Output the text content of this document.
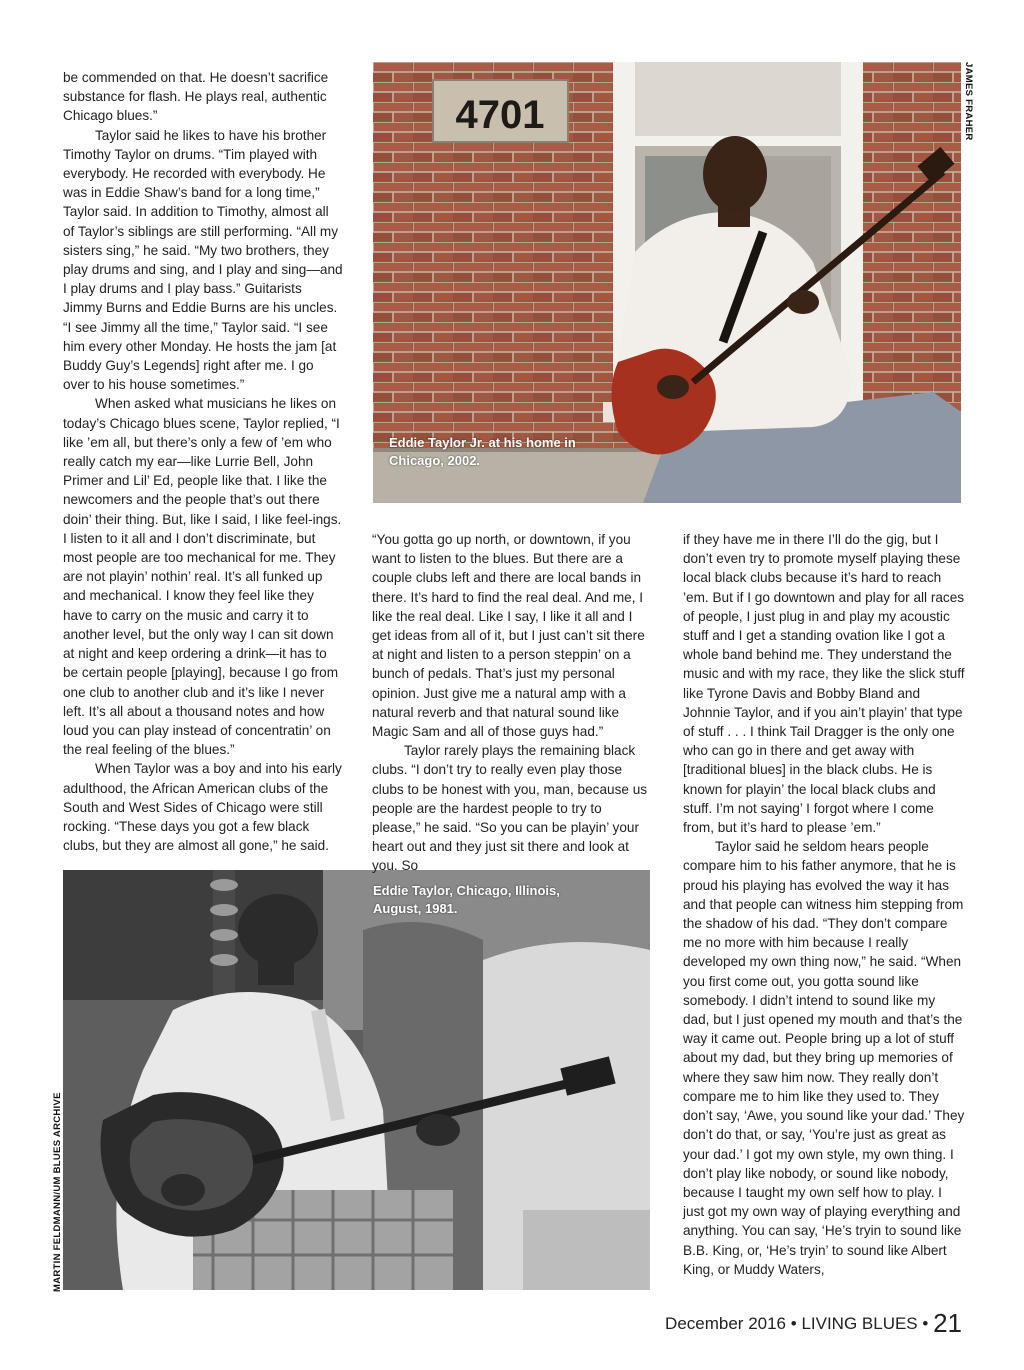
4701
Eddie Taylor Jr. at his home in Chicago, 2002.
JAMES FRAHER
Eddie Taylor, Chicago, Illinois, August, 1981.
MARTIN FELDMANN/UM BLUES ARCHIVE

be commended on that. He doesn’t sacrifice substance for flash. He plays real, authentic Chicago blues.”

Taylor said he likes to have his brother Timothy Taylor on drums. “Tim played with everybody. He recorded with everybody. He was in Eddie Shaw’s band for a long time,” Taylor said. In addition to Timothy, almost all of Taylor’s siblings are still performing. “All my sisters sing,” he said. “My two brothers, they play drums and sing, and I play and sing—and I play drums and I play bass.” Guitarists Jimmy Burns and Eddie Burns are his uncles. “I see Jimmy all the time,” Taylor said. “I see him every other Monday. He hosts the jam [at Buddy Guy’s Legends] right after me. I go over to his house sometimes.”

When asked what musicians he likes on today’s Chicago blues scene, Taylor replied, “I like ’em all, but there’s only a few of ’em who really catch my ear—like Lurrie Bell, John Primer and Lil’ Ed, people like that. I like the newcomers and the people that’s out there doin’ their thing. But, like I said, I like feel-ings. I listen to it all and I don’t discriminate, but most people are too mechanical for me. They are not playin’ nothin’ real. It’s all funked up and mechanical. I know they feel like they have to carry on the music and carry it to another level, but the only way I can sit down at night and keep ordering a drink—it has to be certain people [playing], because I go from one club to another club and it’s like I never left. It’s all about a thousand notes and how loud you can play instead of concentratin’ on the real feeling of the blues.”

When Taylor was a boy and into his early adulthood, the African American clubs of the South and West Sides of Chicago were still rocking. “These days you got a few black clubs, but they are almost all gone,” he said.

“You gotta go up north, or downtown, if you want to listen to the blues. But there are a couple clubs left and there are local bands in there. It’s hard to find the real deal. And me, I like the real deal. Like I say, I like it all and I get ideas from all of it, but I just can’t sit there at night and listen to a person steppin’ on a bunch of pedals. That’s just my personal opinion. Just give me a natural amp with a natural reverb and that natural sound like Magic Sam and all of those guys had.”

Taylor rarely plays the remaining black clubs. “I don’t try to really even play those clubs to be honest with you, man, because us people are the hardest people to try to please,” he said. “So you can be playin’ your heart out and they just sit there and look at you. So

if they have me in there I’ll do the gig, but I don’t even try to promote myself playing these local black clubs because it’s hard to reach ’em. But if I go downtown and play for all races of people, I just plug in and play my acoustic stuff and I get a standing ovation like I got a whole band behind me. They understand the music and with my race, they like the slick stuff like Tyrone Davis and Bobby Bland and Johnnie Taylor, and if you ain’t playin’ that type of stuff . . . I think Tail Dragger is the only one who can go in there and get away with [traditional blues] in the black clubs. He is known for playin’ the local black clubs and stuff. I’m not saying’ I forgot where I come from, but it’s hard to please ’em.”

Taylor said he seldom hears people compare him to his father anymore, that he is proud his playing has evolved the way it has and that people can witness him stepping from the shadow of his dad. “They don’t compare me no more with him because I really developed my own thing now,” he said. “When you first come out, you gotta sound like somebody. I didn’t intend to sound like my dad, but I just opened my mouth and that’s the way it came out. People bring up a lot of stuff about my dad, but they bring up memories of where they saw him now. They really don’t compare me to him like they used to. They don’t say, ‘Awe, you sound like your dad.’ They don’t do that, or say, ‘You’re just as great as your dad.’ I got my own style, my own thing. I don’t play like nobody, or sound like nobody, because I taught my own self how to play. I just got my own way of playing everything and anything. You can say, ‘He’s tryin to sound like B.B. King, or, ‘He’s tryin’ to sound like Albert King, or Muddy Waters,

December 2016 • LIVING BLUES • 21
